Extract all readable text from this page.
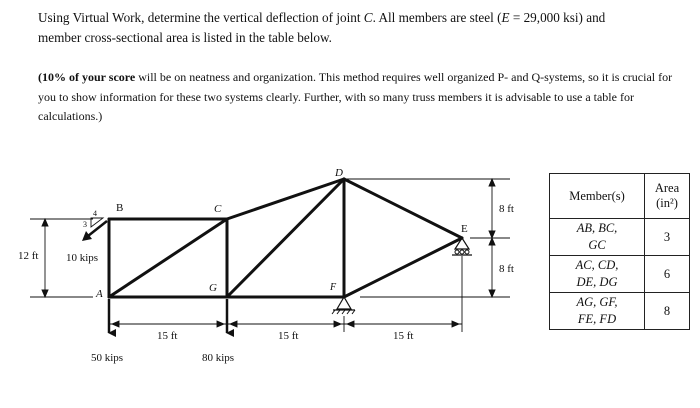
Using Virtual Work, determine the vertical deflection of joint C. All members are steel (E = 29,000 ksi) and
member cross-sectional area is listed in the table below.
(10% of your score will be on neatness and organization. This method requires well organized P- and Q-systems, so it is crucial for you to show information for these two systems clearly. Further, with so many truss members it is advisable to use a table for calculations.)
B	C
D
E
F
G
A
4
3
10 kips
50 kips	80 kips
12 ft
15 ft	15 ft	15 ft
8 ft
8 ft
Member(s)	Area
(in²)
AB, BC,
GC	3
AC, CD,
DE, DG	6
AG, GF,
FE, FD	8
